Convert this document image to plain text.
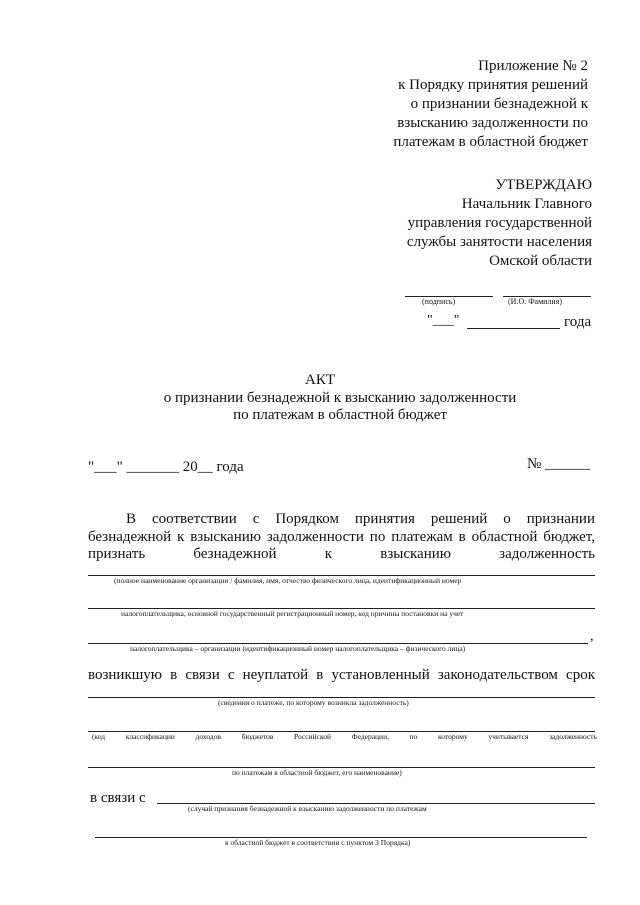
Приложение № 2
к Порядку принятия решений
о признании безнадежной к
взысканию задолженности по
платежам в областной бюджет
УТВЕРЖДАЮ
Начальник Главного
управления государственной
службы занятости населения
Омской области
(подпись)	(И.О. Фамилия)
"___"	года
АКТ
о признании безнадежной к взысканию задолженности
по платежам в областной бюджет
"___" _______ 20__ года	№ ______
В соответствии с Порядком принятия решений о признании
безнадежной к взысканию задолженности по платежам в областной бюджет,
признать безнадежной к взысканию задолженность
(полное наименование организации / фамилия, имя, отчество физического лица, идентификационный номер
налогоплательщика, основной государственный регистрационный номер, код причины постановки на учет
,
налогоплательщика – организации (идентификационный номер налогоплательщика – физического лица)
возникшую в связи с неуплатой в установленный законодательством срок
(сведения о платеже, по которому возникла задолженность)
(код классификации доходов бюджетов Российской Федерации, по которому учитывается задолженность
по платежам в областной бюджет, его наименование)
в связи с
(случай признания безнадежной к взысканию задолженности по платежам
в областной бюджет в соответствии с пунктом 3 Порядка)
